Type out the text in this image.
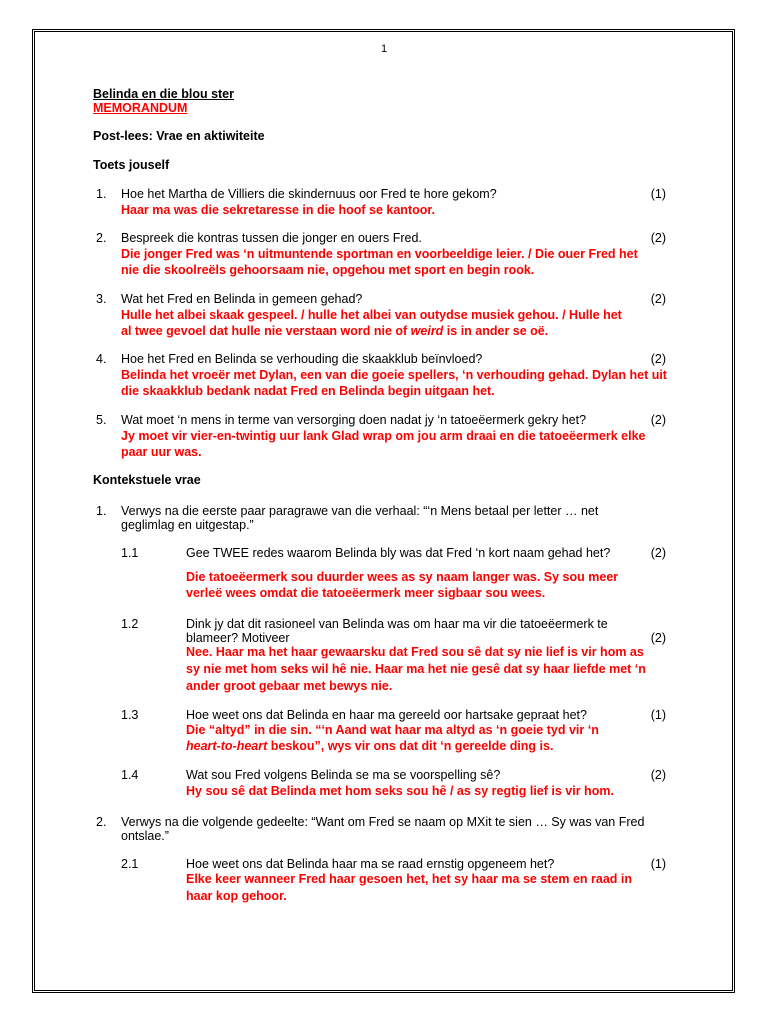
1
Belinda en die blou ster
MEMORANDUM
Post-lees: Vrae en aktiwiteite
Toets jouself
1. Hoe het Martha de Villiers die skindernuus oor Fred te hore gekom?	(1)
Haar ma was die sekretaresse in die hoof se kantoor.
2. Bespreek die kontras tussen die jonger en ouers Fred.	(2)
Die jonger Fred was ‘n uitmuntende sportman en voorbeeldige leier. / Die ouer Fred het
nie die skoolreëls gehoorsaam nie, opgehou met sport en begin rook.
3. Wat het Fred en Belinda in gemeen gehad?	(2)
Hulle het albei skaak gespeel. / hulle het albei van outydse musiek gehou. / Hulle het
al twee gevoel dat hulle nie verstaan word nie of weird is in ander se oë.
4. Hoe het Fred en Belinda se verhouding die skaakklub beïnvloed?	(2)
Belinda het vroeër met Dylan, een van die goeie spellers, ‘n verhouding gehad. Dylan het uit
die skaakklub bedank nadat Fred en Belinda begin uitgaan het.
5. Wat moet ‘n mens in terme van versorging doen nadat jy ‘n tatoeëermerk gekry het?	(2)
Jy moet vir vier-en-twintig uur lank Glad wrap om jou arm draai en die tatoeëermerk elke
paar uur was.
Kontekstuele vrae
1. Verwys na die eerste paar paragrawe van die verhaal: “‘n Mens betaal per letter … net
geglimlag en uitgestap.”
1.1	Gee TWEE redes waarom Belinda bly was dat Fred ‘n kort naam gehad het?	(2)
Die tatoeëermerk sou duurder wees as sy naam langer was. Sy sou meer
verleë wees omdat die tatoeëermerk meer sigbaar sou wees.
1.2	Dink jy dat dit rasioneel van Belinda was om haar ma vir die tatoeëermerk te
blameer? Motiveer	(2)
Nee. Haar ma het haar gewaarsku dat Fred sou sê dat sy nie lief is vir hom as
sy nie met hom seks wil hê nie. Haar ma het nie gesê dat sy haar liefde met ‘n
ander groot gebaar met bewys nie.
1.3	Hoe weet ons dat Belinda en haar ma gereeld oor hartsake gepraat het?	(1)
Die “altyd” in die sin. “‘n Aand wat haar ma altyd as ‘n goeie tyd vir ‘n
heart-to-heart beskou”, wys vir ons dat dit ‘n gereelde ding is.
1.4	Wat sou Fred volgens Belinda se ma se voorspelling sê?	(2)
Hy sou sê dat Belinda met hom seks sou hê / as sy regtig lief is vir hom.
2. Verwys na die volgende gedeelte: “Want om Fred se naam op MXit te sien … Sy was van Fred
ontslae.”
2.1	Hoe weet ons dat Belinda haar ma se raad ernstig opgeneem het?	(1)
Elke keer wanneer Fred haar gesoen het, het sy haar ma se stem en raad in
haar kop gehoor.
